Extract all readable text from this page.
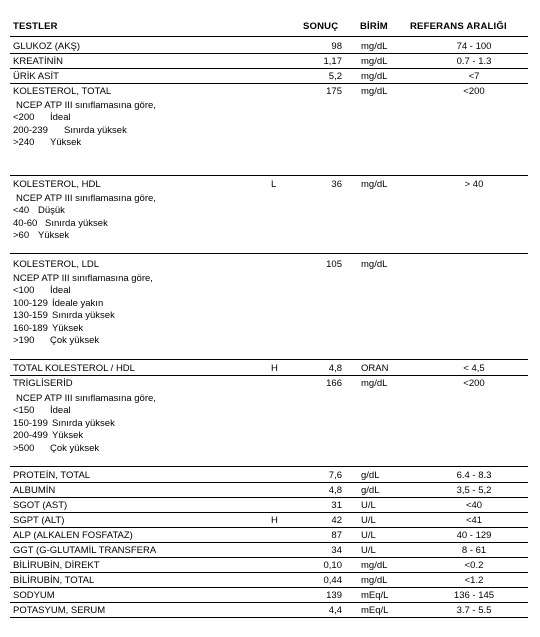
TESTLER	SONUÇ BİRİM REFERANS ARALIĞI
GLUKOZ (AKŞ)	98 mg/dL	74 - 100
KREATİNİN	1,17 mg/dL	0.7 - 1.3
ÜRİK ASİT	5,2 mg/dL	<7
KOLESTEROL, TOTAL	175 mg/dL	<200
NCEP ATP III sınıflamasına göre,
<200 İdeal
200-239 Sınırda yüksek
>240 Yüksek
KOLESTEROL, HDL	L	36 mg/dL	> 40
NCEP ATP III sınıflamasına göre,
<40 Düşük
40-60 Sınırda yüksek
>60 Yüksek
KOLESTEROL, LDL	105 mg/dL
NCEP ATP III sınıflamasına göre,
<100 İdeal
100-129 İdeale yakın
130-159 Sınırda yüksek
160-189 Yüksek
>190 Çok yüksek
TOTAL KOLESTEROL / HDL	H	4,8 ORAN	< 4,5
TRİGLİSERİD	166 mg/dL	<200
NCEP ATP III sınıflamasına göre,
<150 İdeal
150-199 Sınırda yüksek
200-499 Yüksek
>500 Çok yüksek
PROTEİN, TOTAL	7,6 g/dL	6.4 - 8.3
ALBUMİN	4,8 g/dL	3,5 - 5,2
SGOT (AST)	31 U/L	<40
SGPT (ALT)	H	42 U/L	<41
ALP (ALKALEN FOSFATAZ)	87 U/L	40 - 129
GGT (G-GLUTAMİL TRANSFERA	34 U/L	8 - 61
BİLİRUBİN, DİREKT	0,10 mg/dL	<0.2
BİLİRUBİN, TOTAL	0,44 mg/dL	<1.2
SODYUM	139 mEq/L	136 - 145
POTASYUM, SERUM	4,4 mEq/L	3.7 - 5.5
